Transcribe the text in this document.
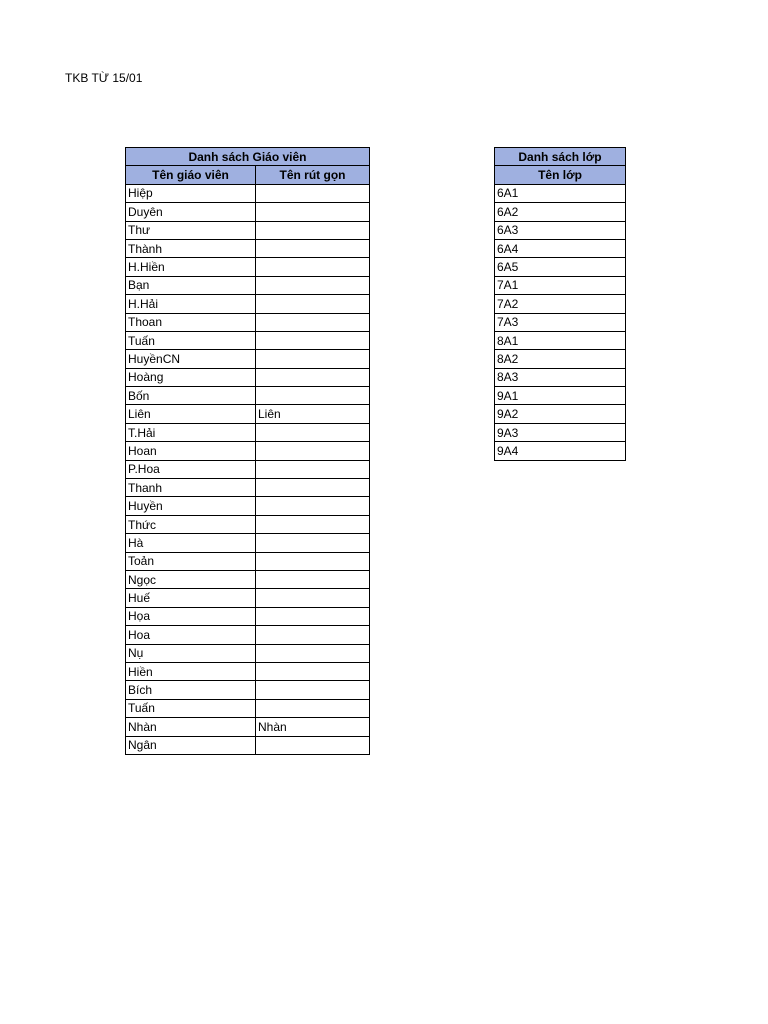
TKB TỪ 15/01
Danh sách Giáo viên	
Tên giáo viên	Tên rút gọn
Hiệp	
Duyên	
Thư	
Thành	
H.Hiền	
Bạn	
H.Hải	
Thoan	
Tuấn	
HuyềnCN	
Hoàng	
Bốn	
Liên	Liên
T.Hải	
Hoan	
P.Hoa	
Thanh	
Huyền	
Thức	
Hà	
Toản	
Ngọc	
Huế	
Họa	
Hoa	
Nụ	
Hiền	
Bích	
Tuấn	
Nhàn	Nhàn
Ngân	
Danh sách lớp
Tên lớp
6A1
6A2
6A3
6A4
6A5
7A1
7A2
7A3
8A1
8A2
8A3
9A1
9A2
9A3
9A4
